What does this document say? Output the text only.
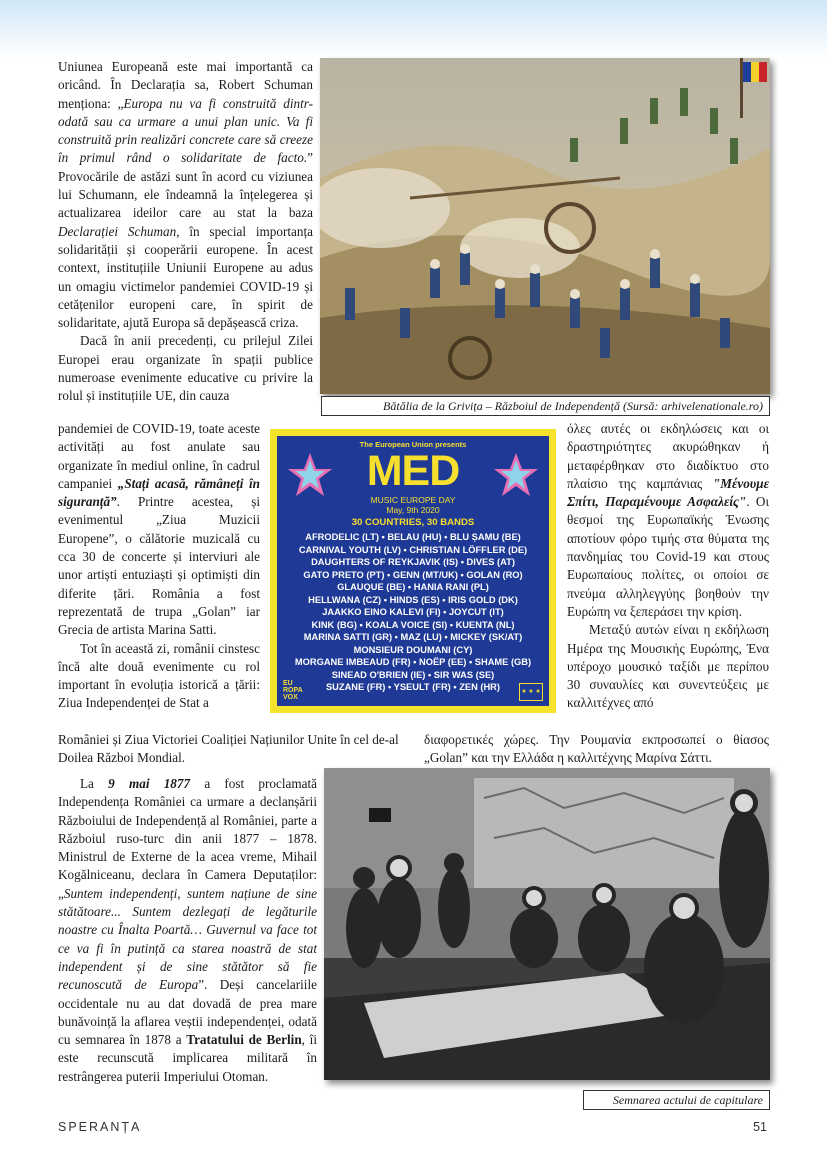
Bătălia de la Grivița – Războiul de Independență (Sursă: arhivelenationale.ro)

Uniunea Europeană este mai importantă ca oricând. În Declarația sa, Robert Schuman menționa: „Europa nu va fi construită dintr-odată sau ca urmare a unui plan unic. Va fi construită prin realizări concrete care să creeze în primul rând o solidaritate de facto.” Provocările de astăzi sunt în acord cu viziunea lui Schumann, ele îndeamnă la înțelegerea și actualizarea ideilor care au stat la baza Declarației Schuman, în special importanța solidarității și cooperării europene. În acest context, instituțiile Uniunii Europene au adus un omagiu victimelor pandemiei COVID-19 și cetățenilor europeni care, în spirit de solidaritate, ajută Europa să depășească criza.

Dacă în anii precedenți, cu prilejul Zilei Europei erau organizate în spații publice numeroase evenimente educative cu privire la rolul și instituțiile UE, din cauza

pandemiei de COVID-19, toate aceste activități au fost anulate sau organizate în mediul online, în cadrul campaniei „Stați acasă, rămâneți în siguranță”. Printre acestea, și evenimentul „Ziua Muzicii Europene”, o călătorie muzicală cu cca 30 de concerte și interviuri ale unor artiști entuziaști și optimiști din diferite țări. România a fost reprezentată de trupa „Golan” iar Grecia de artista Marina Satti.

Tot în această zi, românii cinstesc încă alte două evenimente cu rol important în evoluția istorică a țării: Ziua Independenței de Stat a

României și Ziua Victoriei Coaliției Națiunilor Unite în cel de-al Doilea Război Mondial.

La 9 mai 1877 a fost proclamată Independența României ca urmare a declanșării Războiului de Independență al României, parte a Războiul ruso-turc din anii 1877 – 1878. Ministrul de Externe de la acea vreme, Mihail Kogălniceanu, declara în Camera Deputaților: „Suntem independenți, suntem națiune de sine stătătoare... Suntem dezlegați de legăturile noastre cu Înalta Poartă… Guvernul va face tot ce va fi în putință ca starea noastră de stat independent și de sine stătător să fie recunoscută de Europa”. Deși cancelariile occidentale nu au dat dovadă de prea mare bunăvoință la aflarea veștii independenței, odată cu semnarea în 1878 a Tratatului de Berlin, îi este recunscută implicarea militară în restrângerea puterii Imperiului Otoman.

The European Union presents
MED
MUSIC EUROPE DAY
May, 9th 2020
30 COUNTRIES, 30 BANDS
AFRODELIC (LT) • BELAU (HU) • BLU ȘAMU (BE)
CARNIVAL YOUTH (LV) • CHRISTIAN LÖFFLER (DE)
DAUGHTERS OF REYKJAVIK (IS) • DIVES (AT)
GATO PRETO (PT) • GENN (MT/UK) • GOLAN (RO)
GLAUQUE (BE) • HANIA RANI (PL)
HELLWANA (CZ) • HINDS (ES) • IRIS GOLD (DK)
JAAKKO EINO KALEVI (FI) • JOYCUT (IT)
KINK (BG) • KOALA VOICE (SI) • KUENTA (NL)
MARINA SATTI (GR) • MAZ (LU) • MICKEY (SK/AT)
MONSIEUR DOUMANI (CY)
MORGANE IMBEAUD (FR) • NOËP (EE) • SHAME (GB)
SINEAD O'BRIEN (IE) • SIR WAS (SE)
SUZANE (FR) • YSEULT (FR) • ZEN (HR)
EU
ROPA
VOX
★ ★ ★

όλες αυτές οι εκδηλώσεις και οι δραστηριότητες ακυρώθηκαν ή μεταφέρθηκαν στο διαδίκτυο στο πλαίσιο της καμπάνιας "Μένουμε Σπίτι, Παραμένουμε Ασφαλείς". Οι θεσμοί της Ευρωπαϊκής Ένωσης αποτίουν φόρο τιμής στα θύματα της πανδημίας του Covid-19 και στους Ευρωπαίους πολίτες, οι οποίοι σε πνεύμα αλληλεγγύης βοηθούν την Ευρώπη να ξεπεράσει την κρίση.

Μεταξύ αυτών είναι η εκδήλωση Ημέρα της Μουσικής Ευρώπης, Ένα υπέροχο μουσικό ταξίδι με περίπου 30 συναυλίες και συνεντεύξεις με καλλιτέχνες από

διαφορετικές χώρες. Την Ρουμανία εκπροσωπεί ο θίασος „Golan” και την Ελλάδα η καλλιτέχνης Μαρίνα Σάττι.

Semnarea actului de capitulare
SPERANȚA	51
